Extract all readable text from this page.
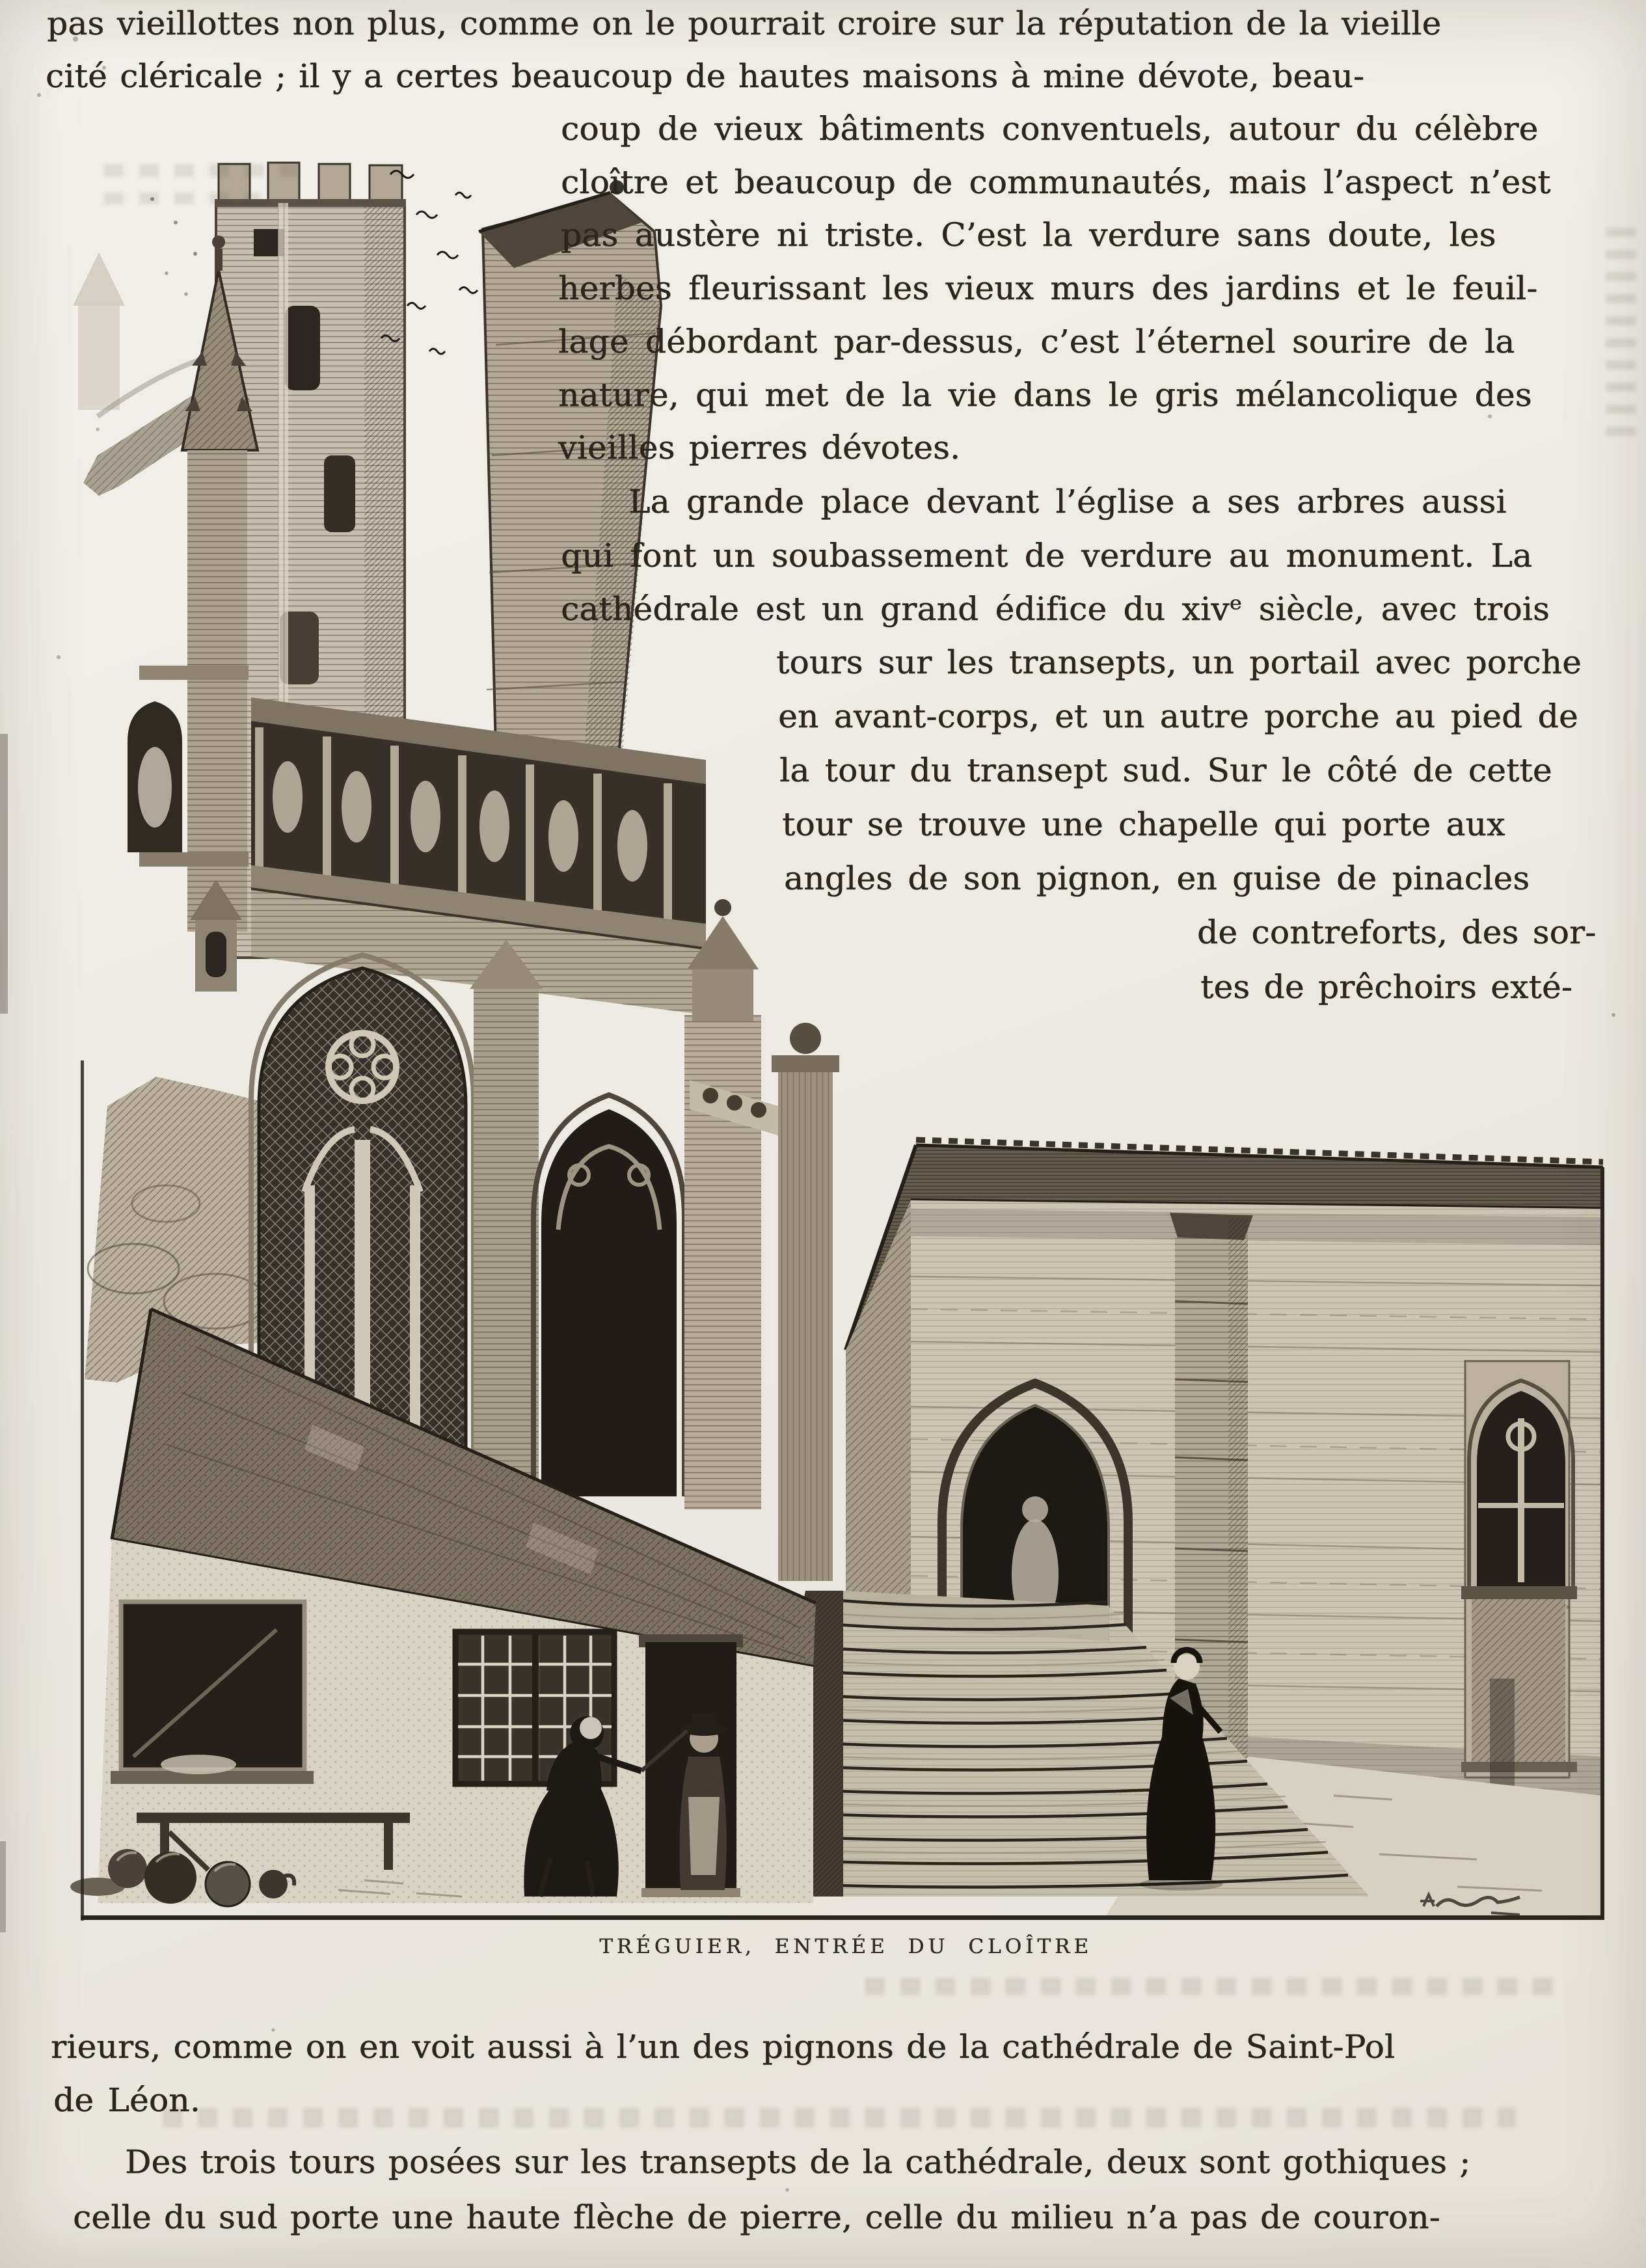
pas vieillottes non plus, comme on le pourrait croire sur la réputation de la vieille
cité cléricale ; il y a certes beaucoup de hautes maisons à mine dévote, beau-
coup de vieux bâtiments conventuels, autour du célèbre
cloître et beaucoup de communautés, mais l’aspect n’est
pas austère ni triste. C’est la verdure sans doute, les
herbes fleurissant les vieux murs des jardins et le feuil-
lage débordant par-dessus, c’est l’éternel sourire de la
nature, qui met de la vie dans le gris mélancolique des
vieilles pierres dévotes.
La grande place devant l’église a ses arbres aussi
qui font un soubassement de verdure au monument. La
cathédrale est un grand édifice du xivᵉ siècle, avec trois
tours sur les transepts, un portail avec porche
en avant-corps, et un autre porche au pied de
la tour du transept sud. Sur le côté de cette
tour se trouve une chapelle qui porte aux
angles de son pignon, en guise de pinacles
de contreforts, des sor-
tes de prêchoirs exté-
rieurs, comme on en voit aussi à l’un des pignons de la cathédrale de Saint-Pol
de Léon.
Des trois tours posées sur les transepts de la cathédrale, deux sont gothiques ;
celle du sud porte une haute flèche de pierre, celle du milieu n’a pas de couron-
TRÉGUIER, ENTRÉE DU CLOÎTRE
